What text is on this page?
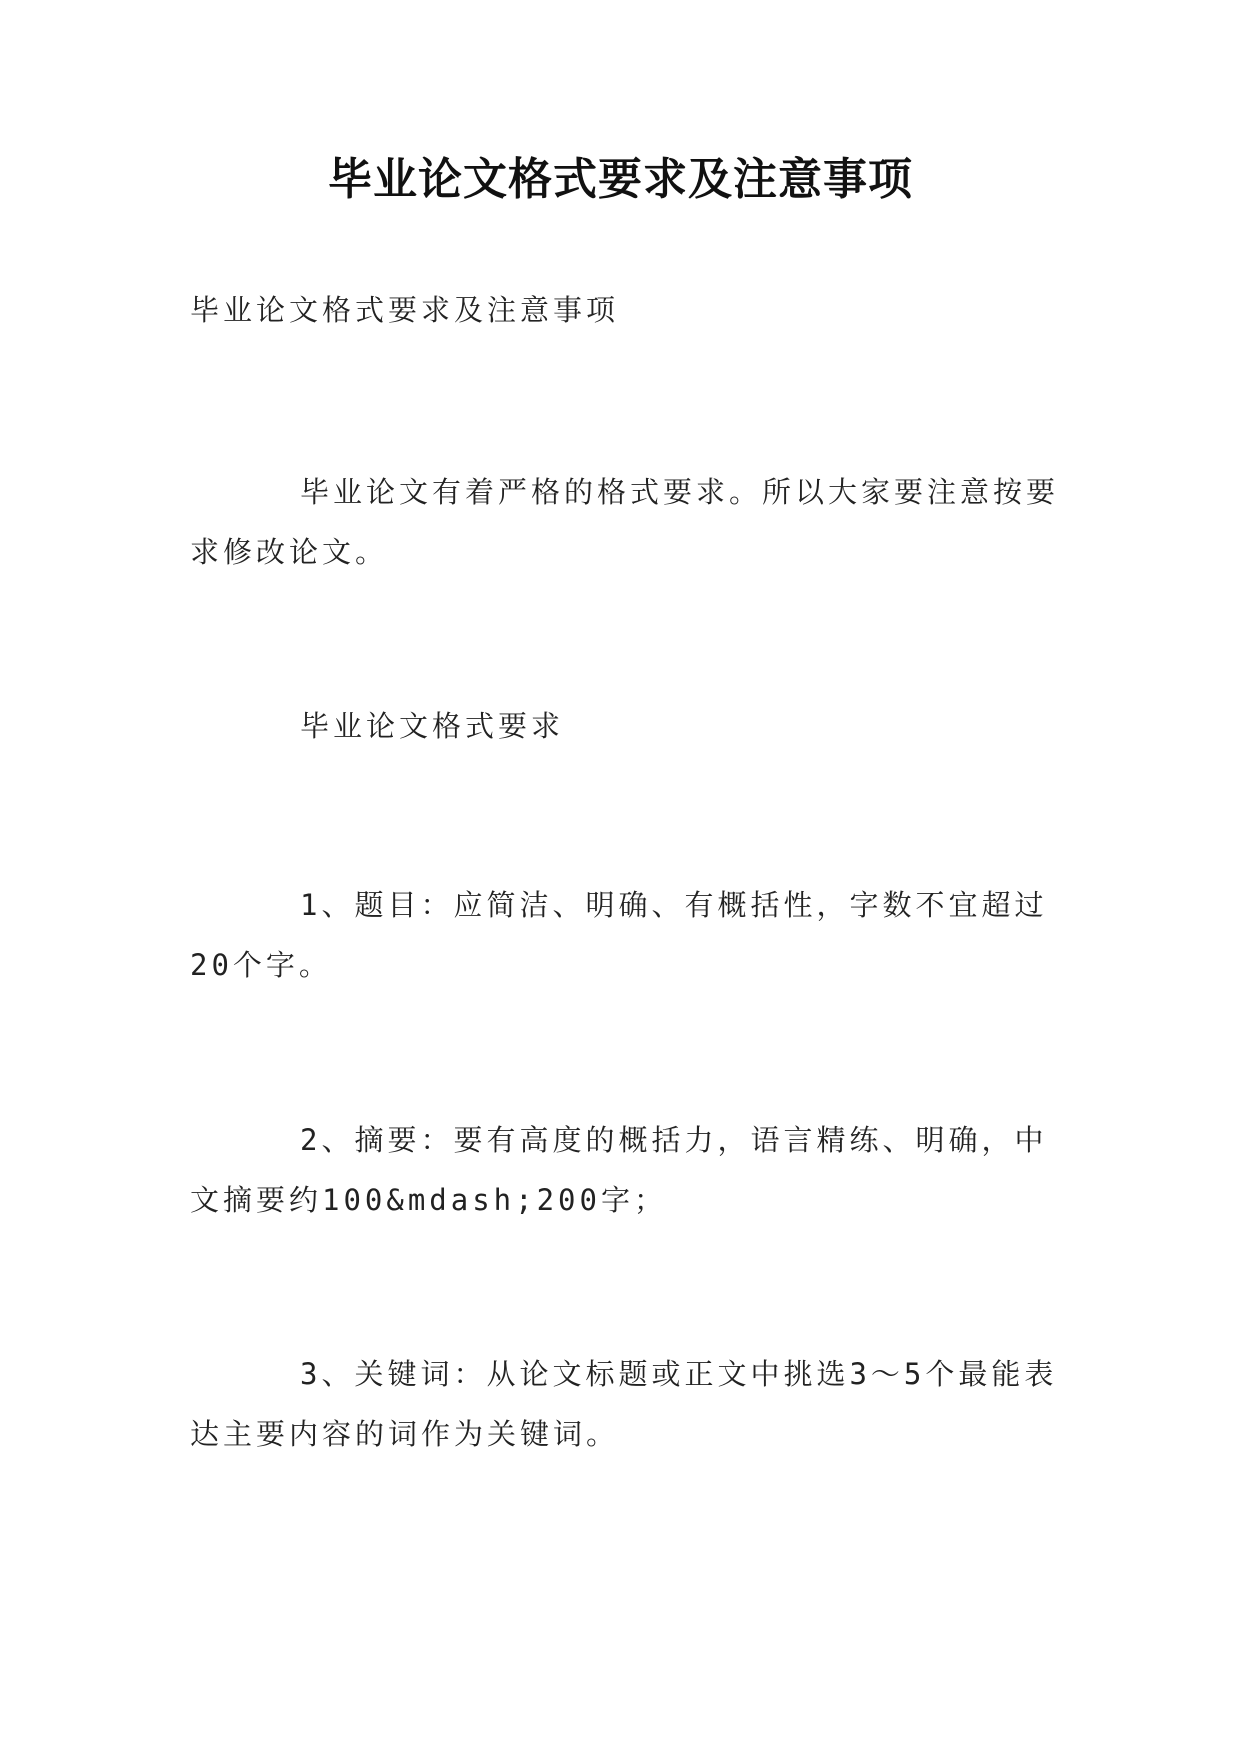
毕业论文格式要求及注意事项
毕业论文格式要求及注意事项
毕业论文有着严格的格式要求。所以大家要注意按要求修改论文。
毕业论文格式要求
1、题目：应简洁、明确、有概括性，字数不宜超过20个字。
2、摘要：要有高度的概括力，语言精练、明确，中文摘要约100&mdash;200字；
3、关键词：从论文标题或正文中挑选3～5个最能表达主要内容的词作为关键词。
